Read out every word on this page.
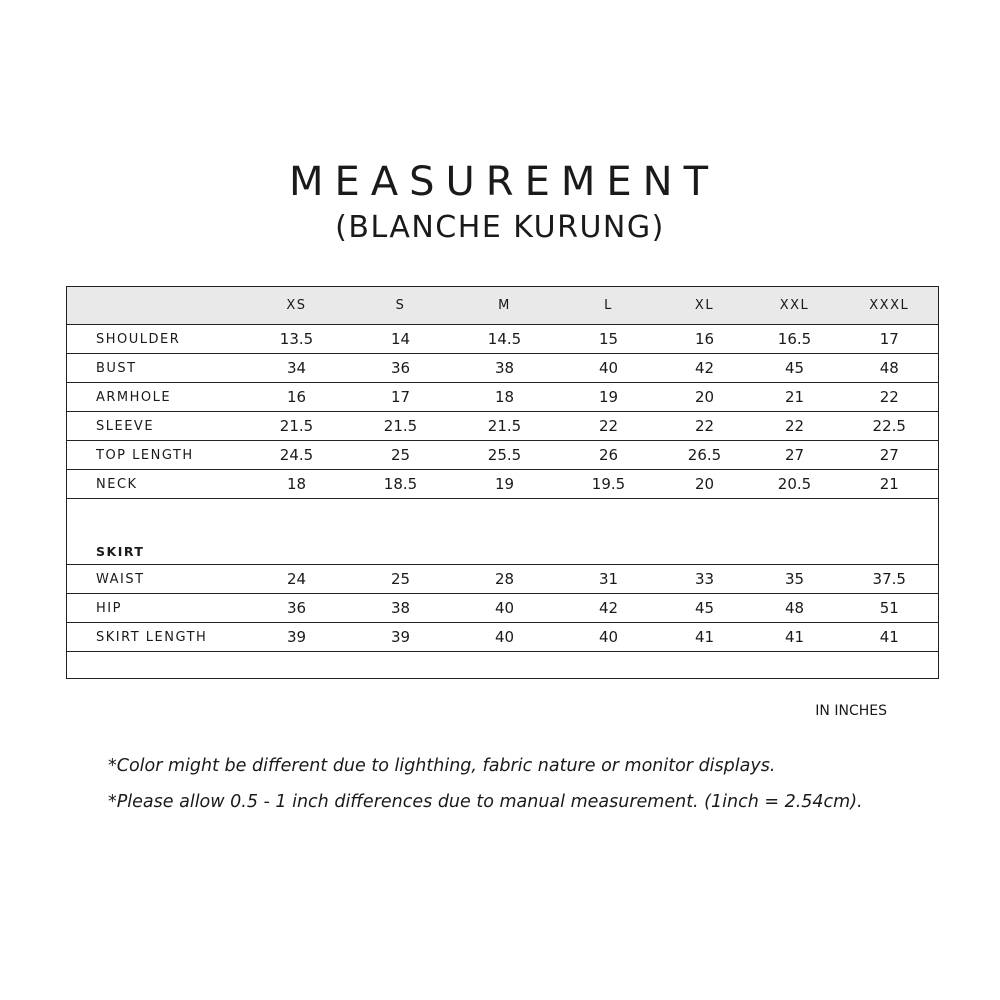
MEASUREMENT
(BLANCHE KURUNG)
	XS	S	M	L	XL	XXL	XXXL
SHOULDER	13.5	14	14.5	15	16	16.5	17
BUST	34	36	38	40	42	45	48
ARMHOLE	16	17	18	19	20	21	22
SLEEVE	21.5	21.5	21.5	22	22	22	22.5
TOP LENGTH	24.5	25	25.5	26	26.5	27	27
NECK	18	18.5	19	19.5	20	20.5	21
SKIRT							
WAIST	24	25	28	31	33	35	37.5
HIP	36	38	40	42	45	48	51
SKIRT LENGTH	39	39	40	40	41	41	41

IN INCHES
*Color might be different due to lighthing, fabric nature or monitor displays.
*Please allow 0.5 - 1 inch differences due to manual measurement. (1inch = 2.54cm).
